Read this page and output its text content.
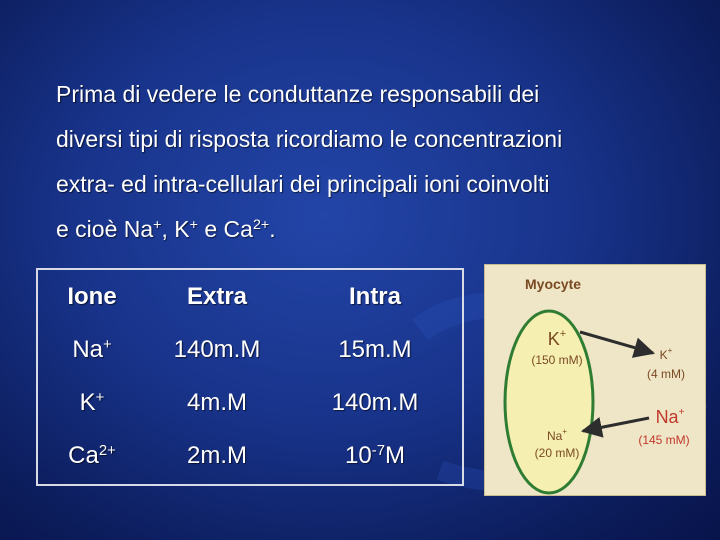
Prima di vedere le conduttanze responsabili dei

diversi tipi di risposta ricordiamo le concentrazioni

extra- ed intra-cellulari dei principali ioni coinvolti

e cioè Na+, K+ e $Ca^{2+}$.

Ione	Extra	Intra
Na+	140m.M	15m.M
K+	4m.M	140m.M
$Ca^{2+}$	2m.M	$10^{-7}M$
Myocyte
K+
(150 mM)
Na+
(20 mM)
K+
(4 mM)
Na+
(145 mM)
